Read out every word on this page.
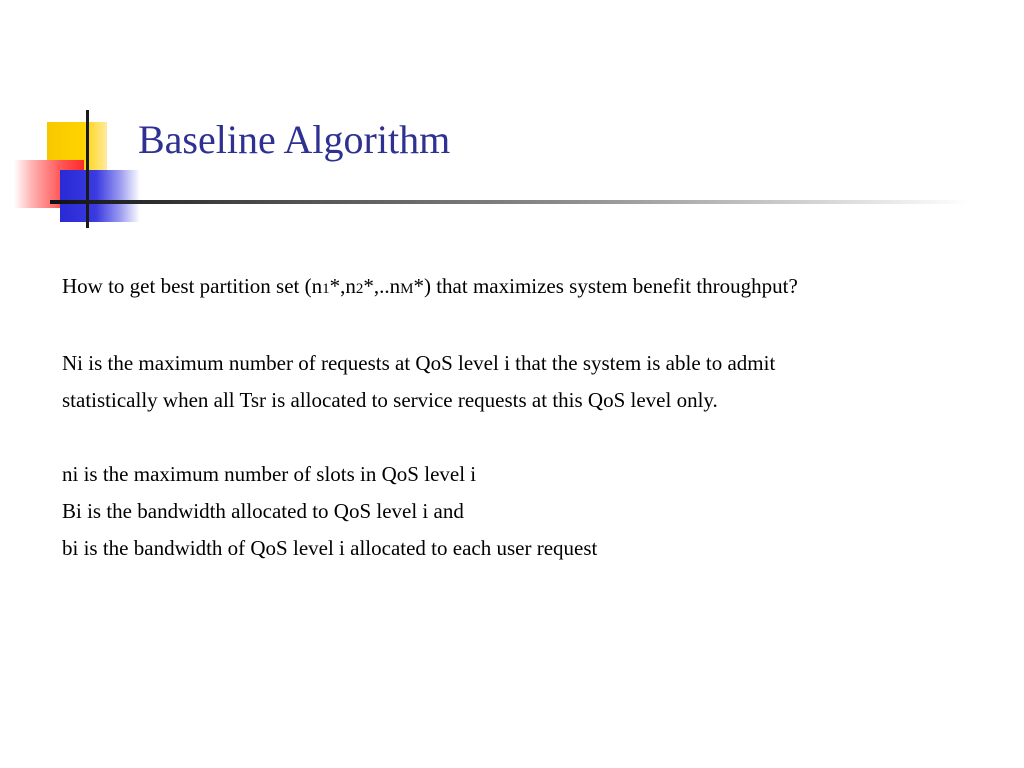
Baseline Algorithm

How to get best partition set (n1*,n2*,..nM*) that maximizes system benefit throughput?

Ni is the maximum number of requests at QoS level i that the system is able to admit statistically when all Tsr is allocated to service requests at this QoS level only.

ni is the maximum number of slots in QoS level i

Bi is the bandwidth allocated to QoS level i and

bi is the bandwidth of QoS level i allocated to each user request
